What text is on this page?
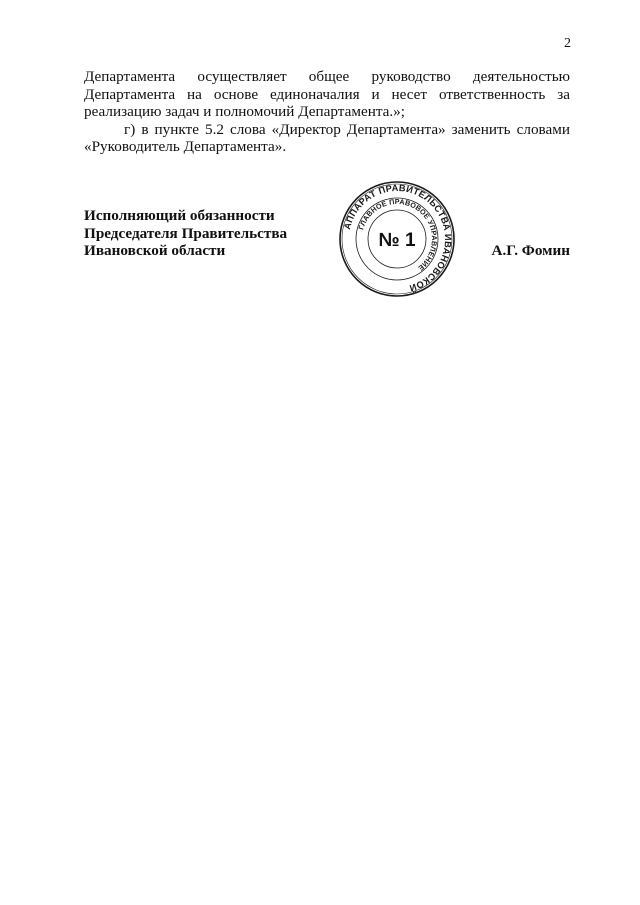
2

Департамента осуществляет общее руководство деятельностью Департамента на основе единоначалия и несет ответственность за реализацию задач и полномочий Департамента.»;

г) в пункте 5.2 слова «Директор Департамента» заменить словами «Руководитель Департамента».

Исполняющий обязанности
Председателя Правительства
Ивановской области
АППАРАТ ПРАВИТЕЛЬСТВА ИВАНОВСКОЙ
ГЛАВНОЕ ПРАВОВОЕ УПРАВЛЕНИЕ
№ 1	А.Г. Фомин
